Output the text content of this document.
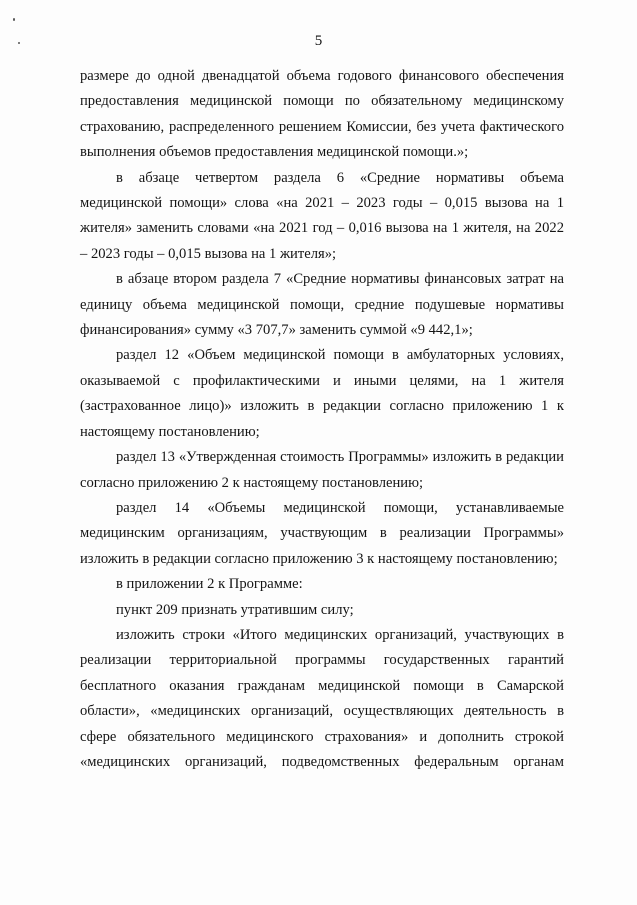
5

размере до одной двенадцатой объема годового финансового обеспечения предоставления медицинской помощи по обязательному медицинскому страхованию, распределенного решением Комиссии, без учета фактического выполнения объемов предоставления медицинской помощи.»;

в абзаце четвертом раздела 6 «Средние нормативы объема медицинской помощи» слова «на 2021 – 2023 годы – 0,015 вызова на 1 жителя» заменить словами «на 2021 год – 0,016 вызова на 1 жителя, на 2022 – 2023 годы – 0,015 вызова на 1 жителя»;

в абзаце втором раздела 7 «Средние нормативы финансовых затрат на единицу объема медицинской помощи, средние подушевые нормативы финансирования» сумму «3 707,7» заменить суммой «9 442,1»;

раздел 12 «Объем медицинской помощи в амбулаторных условиях, оказываемой с профилактическими и иными целями, на 1 жителя (застрахованное лицо)» изложить в редакции согласно приложению 1 к настоящему постановлению;

раздел 13 «Утвержденная стоимость Программы» изложить в редакции согласно приложению 2 к настоящему постановлению;

раздел 14 «Объемы медицинской помощи, устанавливаемые медицинским организациям, участвующим в реализации Программы» изложить в редакции согласно приложению 3 к настоящему постановлению;

в приложении 2 к Программе:

пункт 209 признать утратившим силу;

изложить строки «Итого медицинских организаций, участвующих в реализации территориальной программы государственных гарантий бесплатного оказания гражданам медицинской помощи в Самарской области», «медицинских организаций, осуществляющих деятельность в сфере обязательного медицинского страхования» и дополнить строкой «медицинских организаций, подведомственных федеральным органам
